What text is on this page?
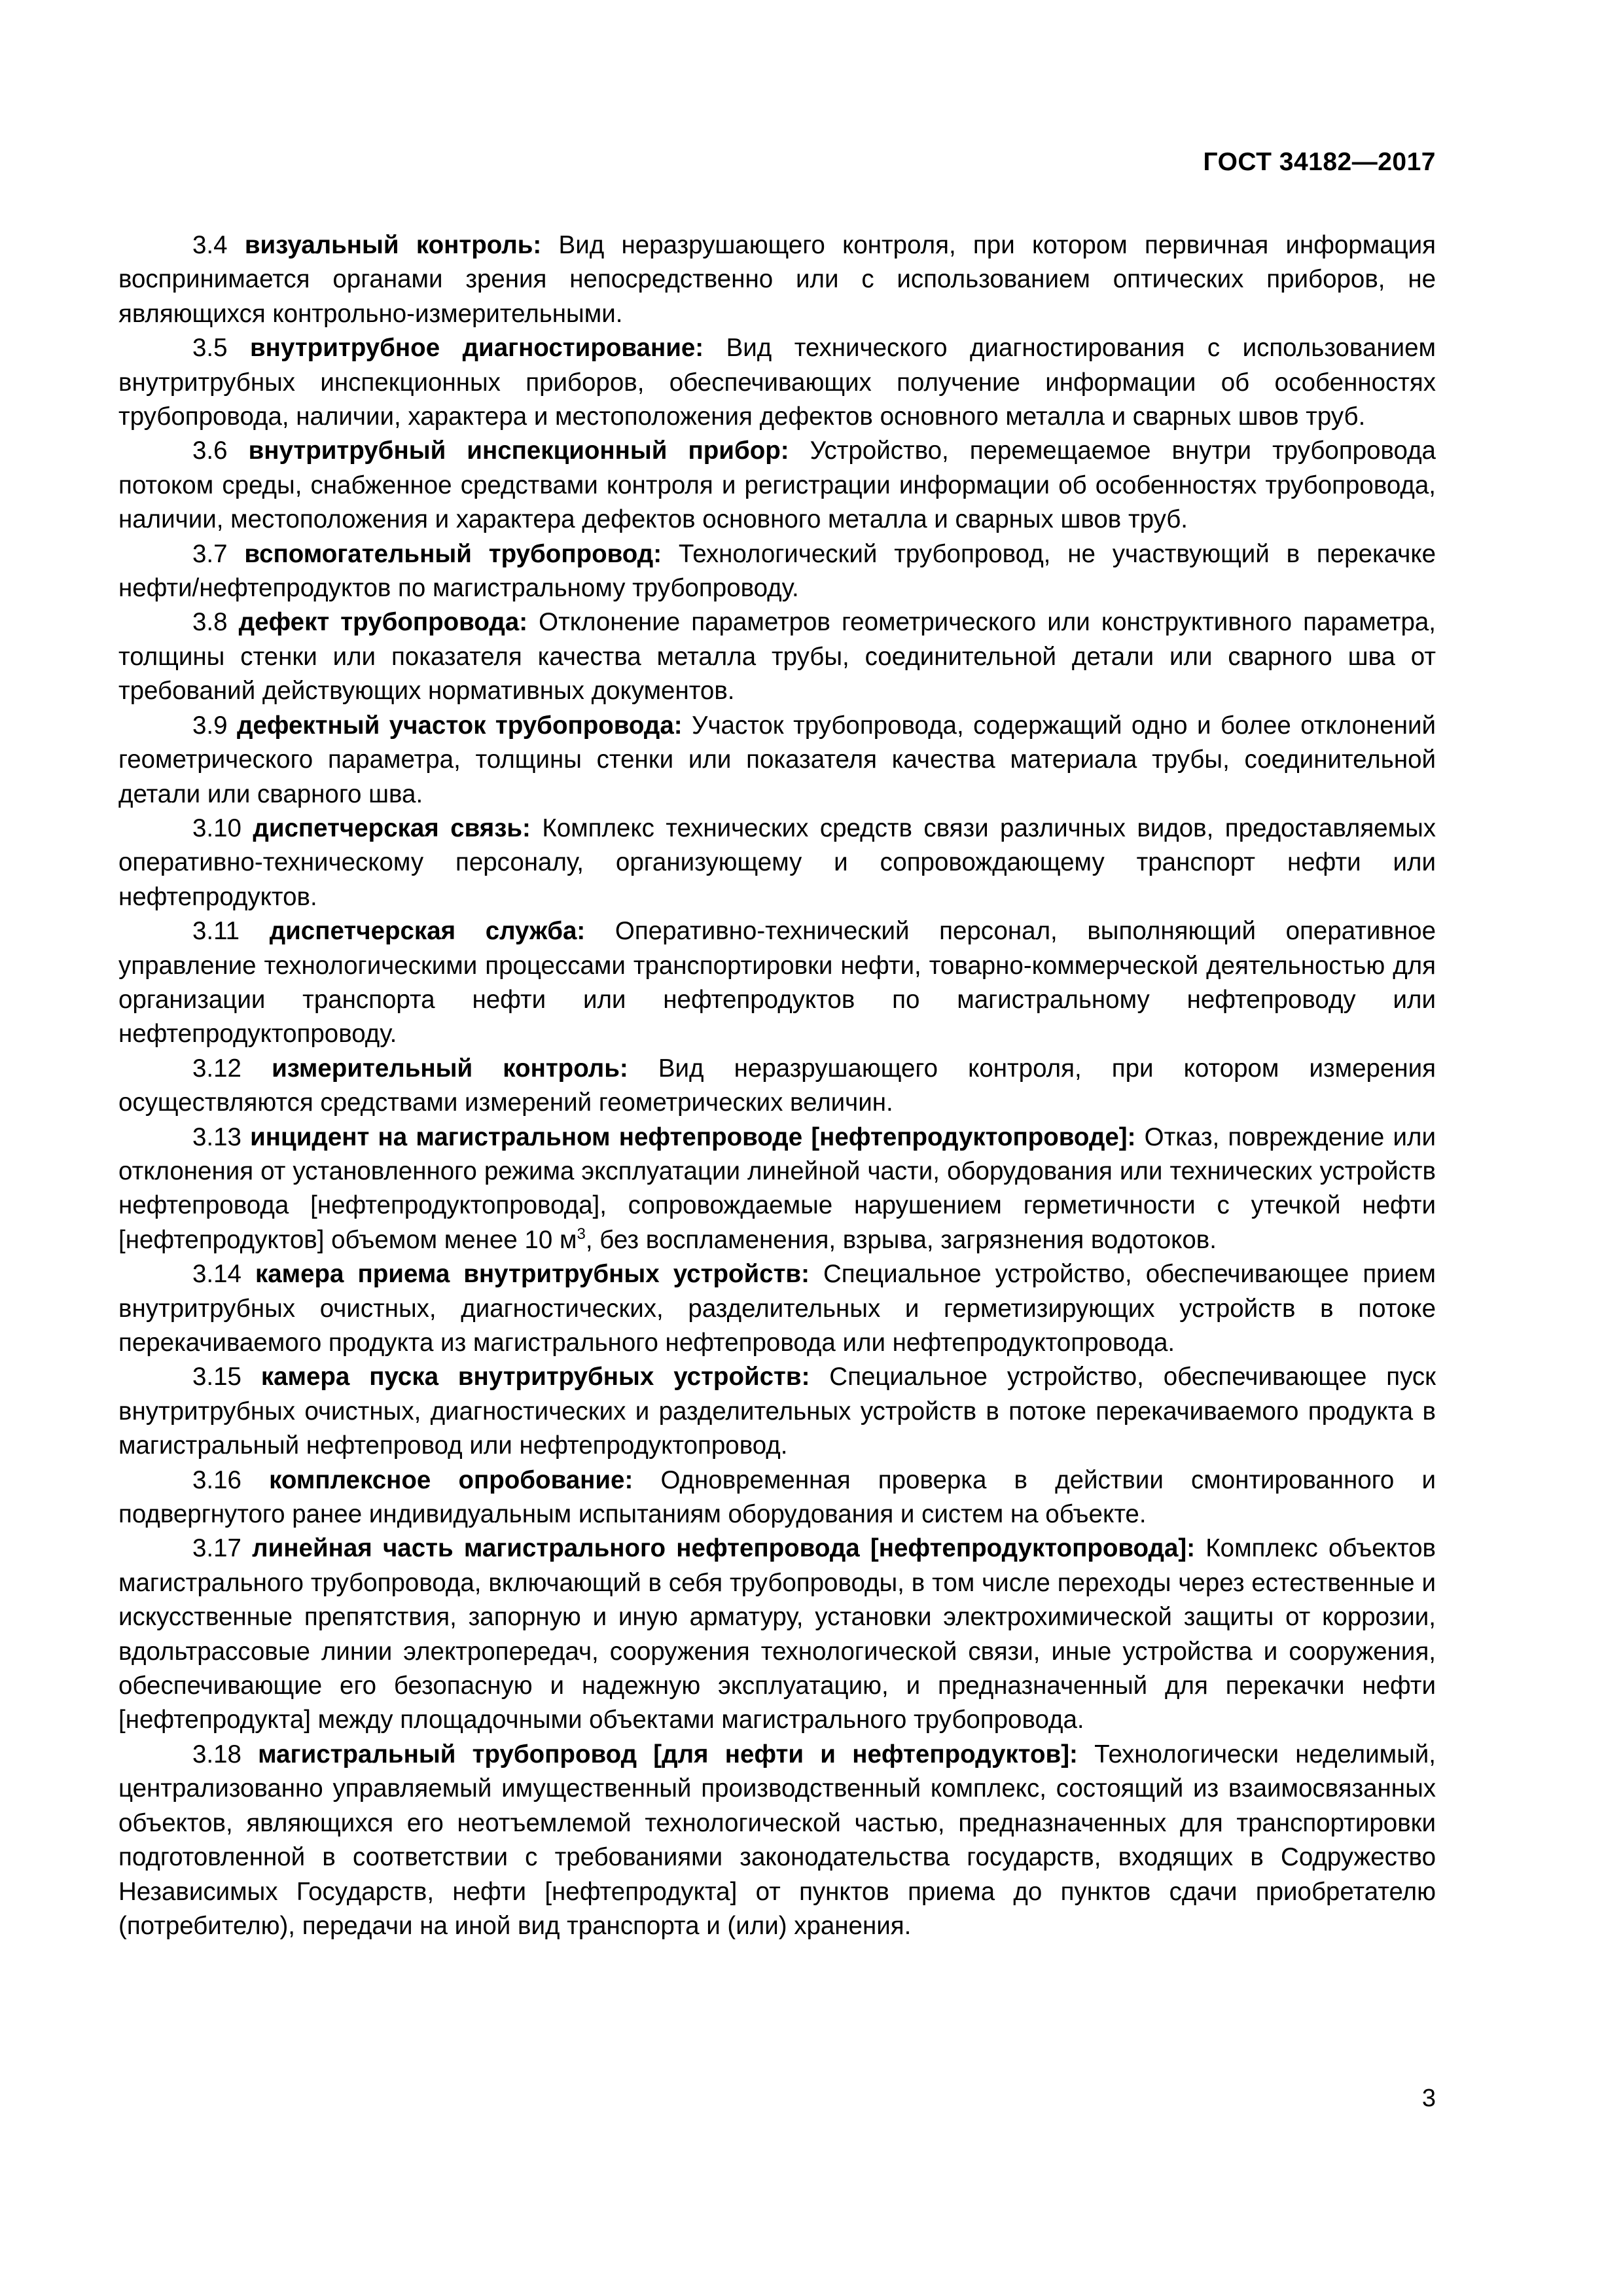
ГОСТ 34182—2017

3.4 визуальный контроль: Вид неразрушающего контроля, при котором первичная информация воспринимается органами зрения непосредственно или с использованием оптических приборов, не являющихся контрольно-измерительными.

3.5 внутритрубное диагностирование: Вид технического диагностирования с использованием внутритрубных инспекционных приборов, обеспечивающих получение информации об особенностях трубопровода, наличии, характера и местоположения дефектов основного металла и сварных швов труб.

3.6 внутритрубный инспекционный прибор: Устройство, перемещаемое внутри трубопровода потоком среды, снабженное средствами контроля и регистрации информации об особенностях трубопровода, наличии, местоположения и характера дефектов основного металла и сварных швов труб.

3.7 вспомогательный трубопровод: Технологический трубопровод, не участвующий в перекачке нефти/нефтепродуктов по магистральному трубопроводу.

3.8 дефект трубопровода: Отклонение параметров геометрического или конструктивного параметра, толщины стенки или показателя качества металла трубы, соединительной детали или сварного шва от требований действующих нормативных документов.

3.9 дефектный участок трубопровода: Участок трубопровода, содержащий одно и более отклонений геометрического параметра, толщины стенки или показателя качества материала трубы, соединительной детали или сварного шва.

3.10 диспетчерская связь: Комплекс технических средств связи различных видов, предоставляемых оперативно-техническому персоналу, организующему и сопровождающему транспорт нефти или нефтепродуктов.

3.11 диспетчерская служба: Оперативно-технический персонал, выполняющий оперативное управление технологическими процессами транспортировки нефти, товарно-коммерческой деятельностью для организации транспорта нефти или нефтепродуктов по магистральному нефтепроводу или нефтепродуктопроводу.

3.12 измерительный контроль: Вид неразрушающего контроля, при котором измерения осуществляются средствами измерений геометрических величин.

3.13 инцидент на магистральном нефтепроводе [нефтепродуктопроводе]: Отказ, повреждение или отклонения от установленного режима эксплуатации линейной части, оборудования или технических устройств нефтепровода [нефтепродуктопровода], сопровождаемые нарушением герметичности с утечкой нефти [нефтепродуктов] объемом менее 10 $м^3$, без воспламенения, взрыва, загрязнения водотоков.

3.14 камера приема внутритрубных устройств: Специальное устройство, обеспечивающее прием внутритрубных очистных, диагностических, разделительных и герметизирующих устройств в потоке перекачиваемого продукта из магистрального нефтепровода или нефтепродуктопровода.

3.15 камера пуска внутритрубных устройств: Специальное устройство, обеспечивающее пуск внутритрубных очистных, диагностических и разделительных устройств в потоке перекачиваемого продукта в магистральный нефтепровод или нефтепродуктопровод.

3.16 комплексное опробование: Одновременная проверка в действии смонтированного и подвергнутого ранее индивидуальным испытаниям оборудования и систем на объекте.

3.17 линейная часть магистрального нефтепровода [нефтепродуктопровода]: Комплекс объектов магистрального трубопровода, включающий в себя трубопроводы, в том числе переходы через естественные и искусственные препятствия, запорную и иную арматуру, установки электрохимической защиты от коррозии, вдольтрассовые линии электропередач, сооружения технологической связи, иные устройства и сооружения, обеспечивающие его безопасную и надежную эксплуатацию, и предназначенный для перекачки нефти [нефтепродукта] между площадочными объектами магистрального трубопровода.

3.18 магистральный трубопровод [для нефти и нефтепродуктов]: Технологически неделимый, централизованно управляемый имущественный производственный комплекс, состоящий из взаимосвязанных объектов, являющихся его неотъемлемой технологической частью, предназначенных для транспортировки подготовленной в соответствии с требованиями законодательства государств, входящих в Содружество Независимых Государств, нефти [нефтепродукта] от пунктов приема до пунктов сдачи приобретателю (потребителю), передачи на иной вид транспорта и (или) хранения.

3
